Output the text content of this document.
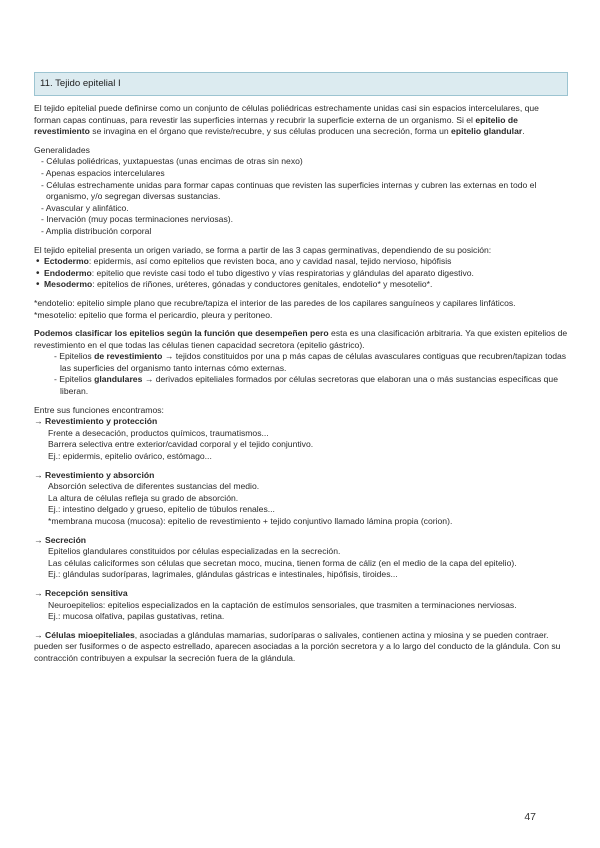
11. Tejido epitelial I

El tejido epitelial puede definirse como un conjunto de células poliédricas estrechamente unidas casi sin espacios intercelulares, que forman capas continuas, para revestir las superficies internas y recubrir la superficie externa de un organismo. Si el epitelio de revestimiento se invagina en el órgano que reviste/recubre, y sus células producen una secreción, forma un epitelio glandular.

Generalidades

- Células poliédricas, yuxtapuestas (unas encimas de otras sin nexo)

- Apenas espacios intercelulares

- Células estrechamente unidas para formar capas continuas que revisten las superficies internas y cubren las externas en todo el organismo, y/o segregan diversas sustancias.

- Avascular y alinfático.

- Inervación (muy pocas terminaciones nerviosas).

- Amplia distribución corporal

El tejido epitelial presenta un origen variado, se forma a partir de las 3 capas germinativas, dependiendo de su posición:

• Ectodermo: epidermis, así como epitelios que revisten boca, ano y cavidad nasal, tejido nervioso, hipófisis
• Endodermo: epitelio que reviste casi todo el tubo digestivo y vías respiratorias y glándulas del aparato digestivo.
• Mesodermo: epitelios de riñones, uréteres, gónadas y conductores genitales, endotelio* y mesotelio*.

*endotelio: epitelio simple plano que recubre/tapiza el interior de las paredes de los capilares sanguíneos y capilares linfáticos.

*mesotelio: epitelio que forma el pericardio, pleura y peritoneo.

Podemos clasificar los epitelios según la función que desempeñen pero esta es una clasificación arbitraria. Ya que existen epitelios de revestimiento en el que todas las células tienen capacidad secretora (epitelio gástrico).

- Epitelios de revestimiento → tejidos constituidos por una p más capas de células avasculares contiguas que recubren/tapizan todas las superficies del organismo tanto internas cómo externas.

- Epitelios glandulares → derivados epiteliales formados por células secretoras que elaboran una o más sustancias especificas que liberan.

Entre sus funciones encontramos:

→ Revestimiento y protección

Frente a desecación, productos químicos, traumatismos...

Barrera selectiva entre exterior/cavidad corporal y el tejido conjuntivo.

Ej.: epidermis, epitelio ovárico, estómago...

→ Revestimiento y absorción

Absorción selectiva de diferentes sustancias del medio.

La altura de células refleja su grado de absorción.

Ej.: intestino delgado y grueso, epitelio de túbulos renales...

*membrana mucosa (mucosa): epitelio de revestimiento + tejido conjuntivo llamado lámina propia (corion).

→ Secreción

Epitelios glandulares constituidos por células especializadas en la secreción.

Las células caliciformes son células que secretan moco, mucina, tienen forma de cáliz (en el medio de la capa del epitelio).

Ej.: glándulas sudoríparas, lagrimales, glándulas gástricas e intestinales, hipófisis, tiroides...

→ Recepción sensitiva

Neuroepitelios: epitelios especializados en la captación de estímulos sensoriales, que trasmiten a terminaciones nerviosas.

Ej.: mucosa olfativa, papilas gustativas, retina.

→ Células mioepiteliales, asociadas a glándulas mamarias, sudoríparas o salivales, contienen actina y miosina y se pueden contraer. pueden ser fusiformes o de aspecto estrellado, aparecen asociadas a la porción secretora y a lo largo del conducto de la glándula. Con su contracción contribuyen a expulsar la secreción fuera de la glándula.

47
